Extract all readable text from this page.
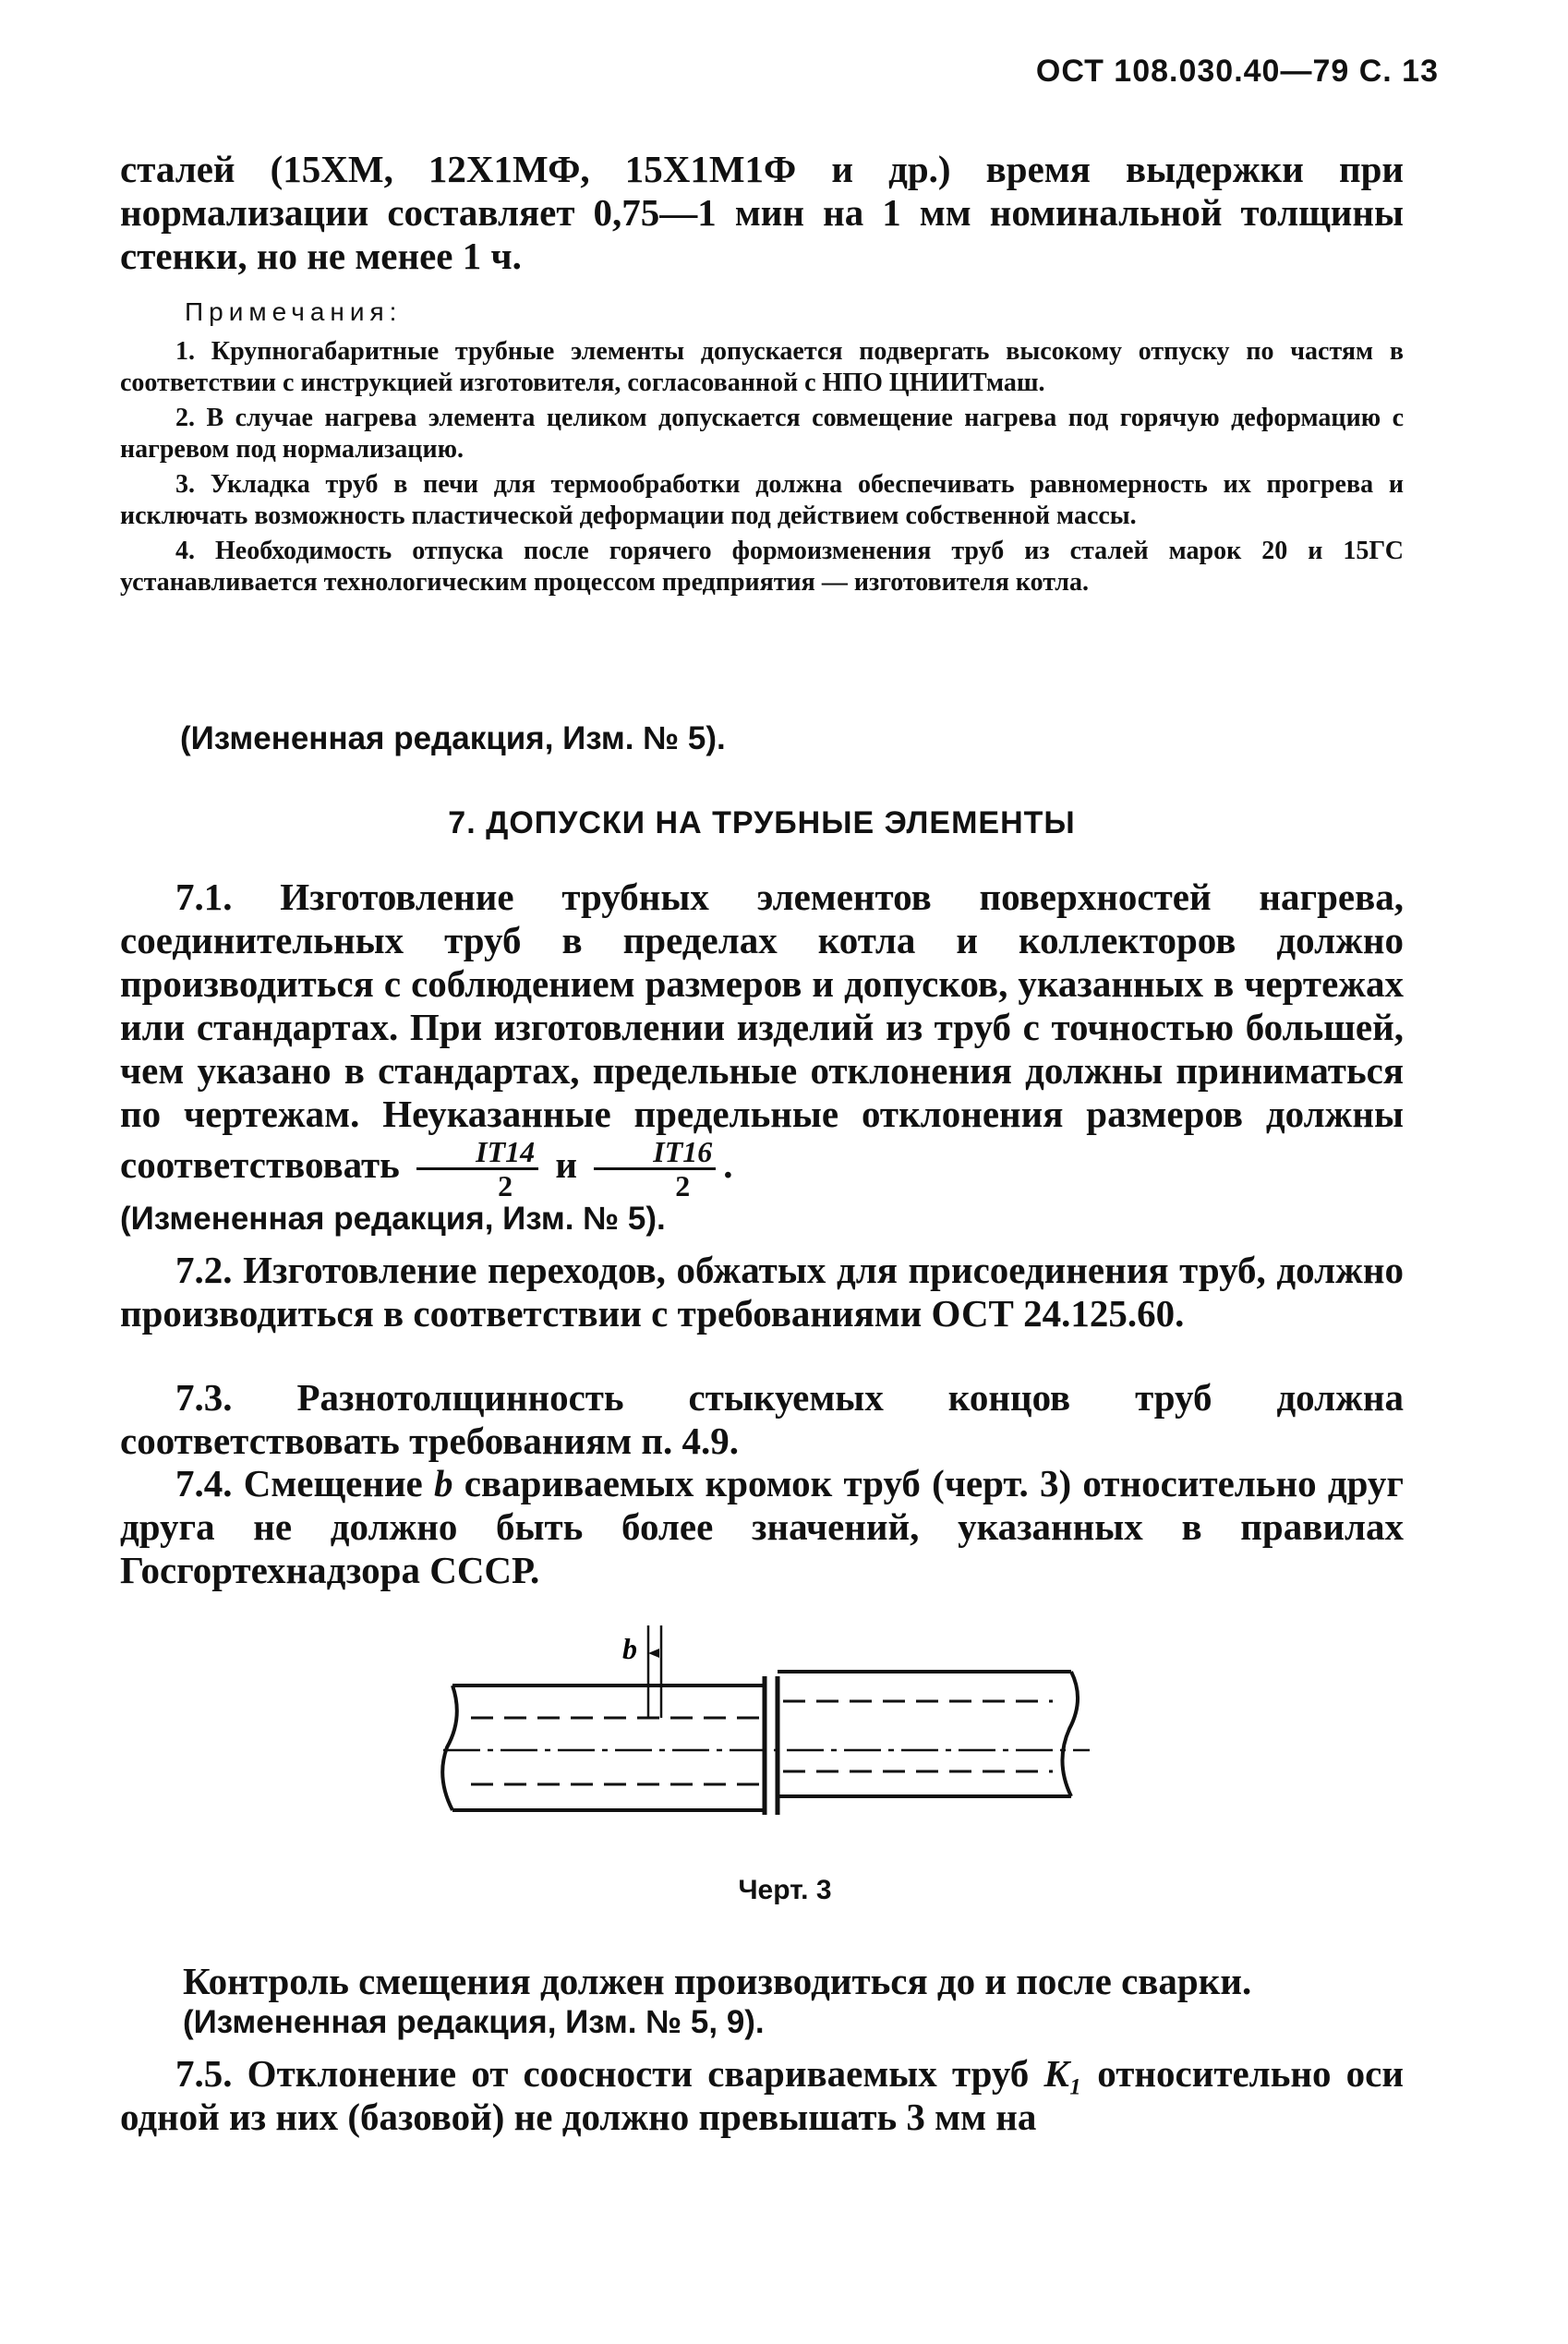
ОСТ 108.030.40—79 С. 13
сталей (15ХМ, 12Х1МФ, 15Х1М1Ф и др.) время выдержки при нормализации составляет 0,75—1 мин на 1 мм номинальной толщины стенки, но не менее 1 ч.
Примечания:
1. Крупногабаритные трубные элементы допускается подвергать высокому отпуску по частям в соответствии с инструкцией изготовителя, согласованной с НПО ЦНИИТмаш.
2. В случае нагрева элемента целиком допускается совмещение нагрева под горячую деформацию с нагревом под нормализацию.
3. Укладка труб в печи для термообработки должна обеспечивать равномерность их прогрева и исключать возможность пластической деформации под действием собственной массы.
4. Необходимость отпуска после горячего формоизменения труб из сталей марок 20 и 15ГС устанавливается технологическим процессом предприятия — изготовителя котла.
(Измененная редакция, Изм. № 5).
7. ДОПУСКИ НА ТРУБНЫЕ ЭЛЕМЕНТЫ
7.1. Изготовление трубных элементов поверхностей нагрева, соединительных труб в пределах котла и коллекторов должно производиться с соблюдением размеров и допусков, указанных в чертежах или стандартах. При изготовлении изделий из труб с точностью большей, чем указано в стандартах, предельные отклонения должны приниматься по чертежам. Неуказанные предельные отклонения размеров должны соответствовать $\frac{IT14}{2}$ и $\frac{IT16}{2}$ .
(Измененная редакция, Изм. № 5).
7.2. Изготовление переходов, обжатых для присоединения труб, должно производиться в соответствии с требованиями ОСТ 24.125.60.
7.3. Разнотолщинность стыкуемых концов труб должна соответствовать требованиям п. 4.9.
7.4. Смещение b свариваемых кромок труб (черт. 3) относительно друг друга не должно быть более значений, указанных в правилах Госгортехнадзора СССР.
b
Черт. 3
Контроль смещения должен производиться до и после сварки.
(Измененная редакция, Изм. № 5, 9).
7.5. Отклонение от соосности свариваемых труб K₁ относительно оси одной из них (базовой) не должно превышать 3 мм на
